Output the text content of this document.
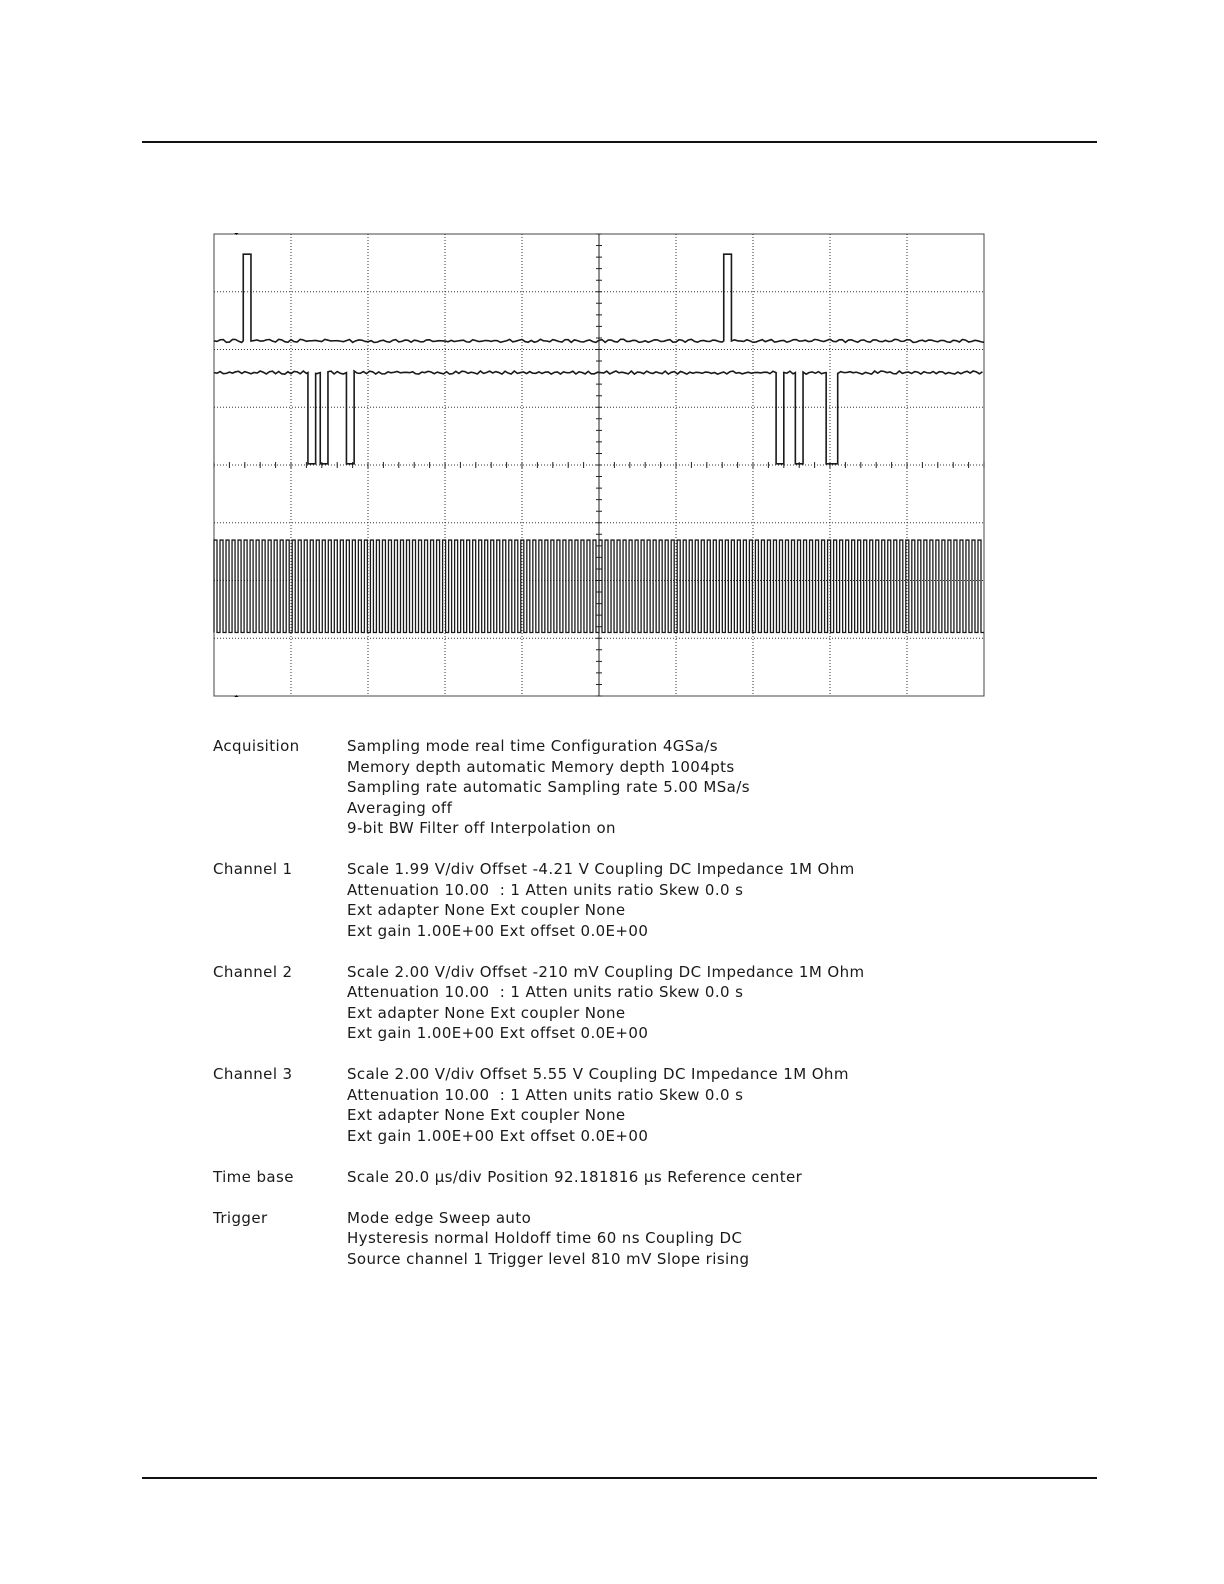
Acquisition	Sampling mode real time Configuration 4GSa/s
Memory depth automatic Memory depth 1004pts
Sampling rate automatic Sampling rate 5.00 MSa/s
Averaging off
9-bit BW Filter off Interpolation on
Channel 1	Scale 1.99 V/div Offset -4.21 V Coupling DC Impedance 1M Ohm
Attenuation 10.00  : 1 Atten units ratio Skew 0.0 s
Ext adapter None Ext coupler None
Ext gain 1.00E+00 Ext offset 0.0E+00
Channel 2	Scale 2.00 V/div Offset -210 mV Coupling DC Impedance 1M Ohm
Attenuation 10.00  : 1 Atten units ratio Skew 0.0 s
Ext adapter None Ext coupler None
Ext gain 1.00E+00 Ext offset 0.0E+00
Channel 3	Scale 2.00 V/div Offset 5.55 V Coupling DC Impedance 1M Ohm
Attenuation 10.00  : 1 Atten units ratio Skew 0.0 s
Ext adapter None Ext coupler None
Ext gain 1.00E+00 Ext offset 0.0E+00
Time base	Scale 20.0 µs/div Position 92.181816 µs Reference center
Trigger	Mode edge Sweep auto
Hysteresis normal Holdoff time 60 ns Coupling DC
Source channel 1 Trigger level 810 mV Slope rising
